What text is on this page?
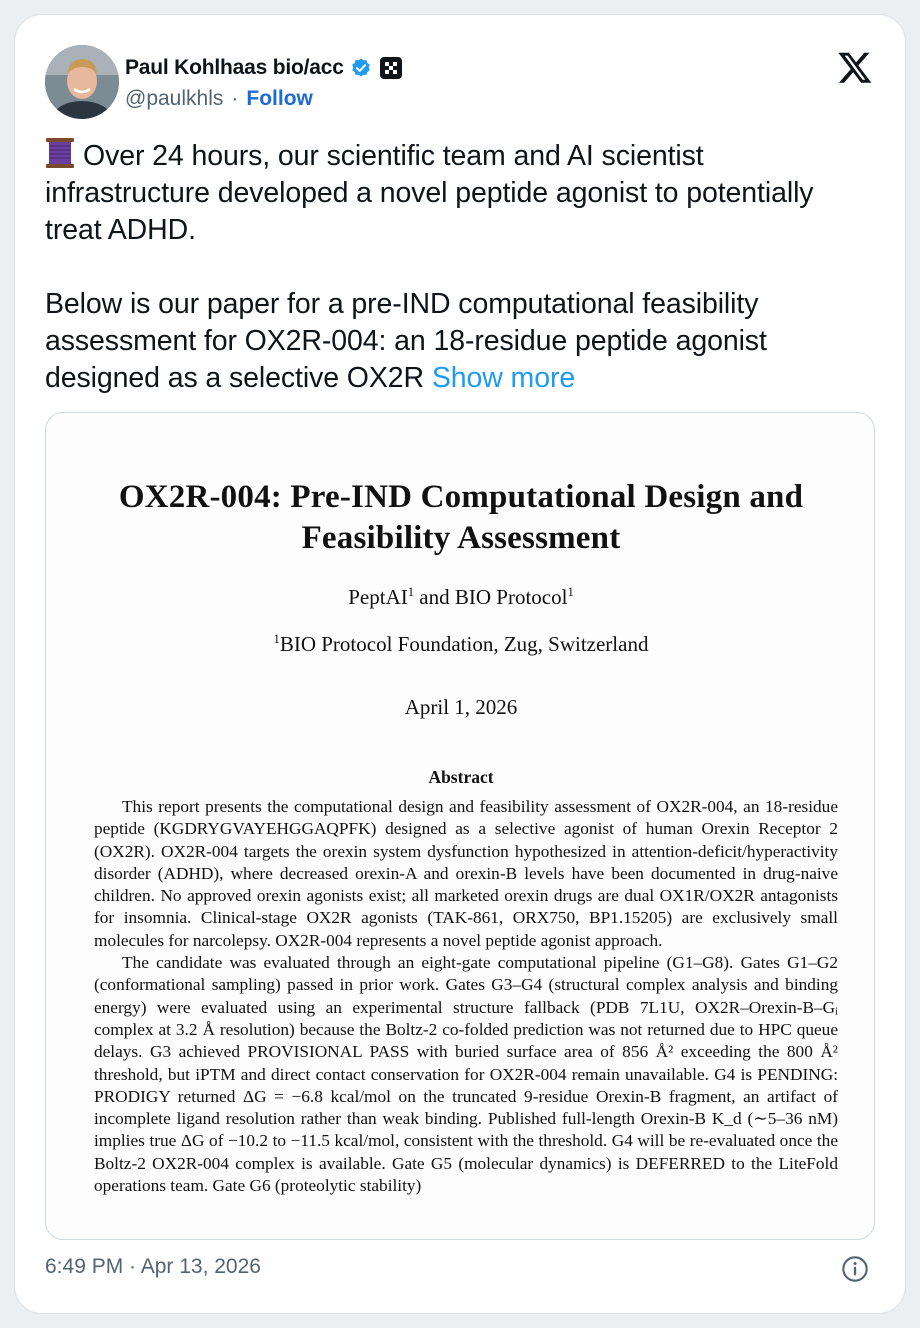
Paul Kohlhaas bio/acc
@paulkhls · Follow

Over 24 hours, our scientific team and AI scientist infrastructure developed a novel peptide agonist to potentially treat ADHD.

Below is our paper for a pre-IND computational feasibility assessment for OX2R-004: an 18-residue peptide agonist designed as a selective OX2R Show more

OX2R-004: Pre-IND Computational Design and Feasibility Assessment
PeptAI$^1$ and BIO Protocol$^1$
$^1$BIO Protocol Foundation, Zug, Switzerland
April 1, 2026
Abstract

This report presents the computational design and feasibility assessment of OX2R-004, an 18-residue peptide (KGDRYGVAYEHGGAQPFK) designed as a selective agonist of human Orexin Receptor 2 (OX2R). OX2R-004 targets the orexin system dysfunction hypothesized in attention-deficit/hyperactivity disorder (ADHD), where decreased orexin-A and orexin-B levels have been documented in drug-naive children. No approved orexin agonists exist; all marketed orexin drugs are dual OX1R/OX2R antagonists for insomnia. Clinical-stage OX2R agonists (TAK-861, ORX750, BP1.15205) are exclusively small molecules for narcolepsy. OX2R-004 represents a novel peptide agonist approach.

The candidate was evaluated through an eight-gate computational pipeline (G1–G8). Gates G1–G2 (conformational sampling) passed in prior work. Gates G3–G4 (structural complex analysis and binding energy) were evaluated using an experimental structure fallback (PDB 7L1U, OX2R–Orexin-B–Gᵢ complex at 3.2 Å resolution) because the Boltz-2 co-folded prediction was not returned due to HPC queue delays. G3 achieved PROVISIONAL PASS with buried surface area of 856 Å² exceeding the 800 Å² threshold, but iPTM and direct contact conservation for OX2R-004 remain unavailable. G4 is PENDING: PRODIGY returned ΔG = −6.8 kcal/mol on the truncated 9-residue Orexin-B fragment, an artifact of incomplete ligand resolution rather than weak binding. Published full-length Orexin-B K_d (∼5–36 nM) implies true ΔG of −10.2 to −11.5 kcal/mol, consistent with the threshold. G4 will be re-evaluated once the Boltz-2 OX2R-004 complex is available. Gate G5 (molecular dynamics) is DEFERRED to the LiteFold operations team. Gate G6 (proteolytic stability)

6:49 PM · Apr 13, 2026
